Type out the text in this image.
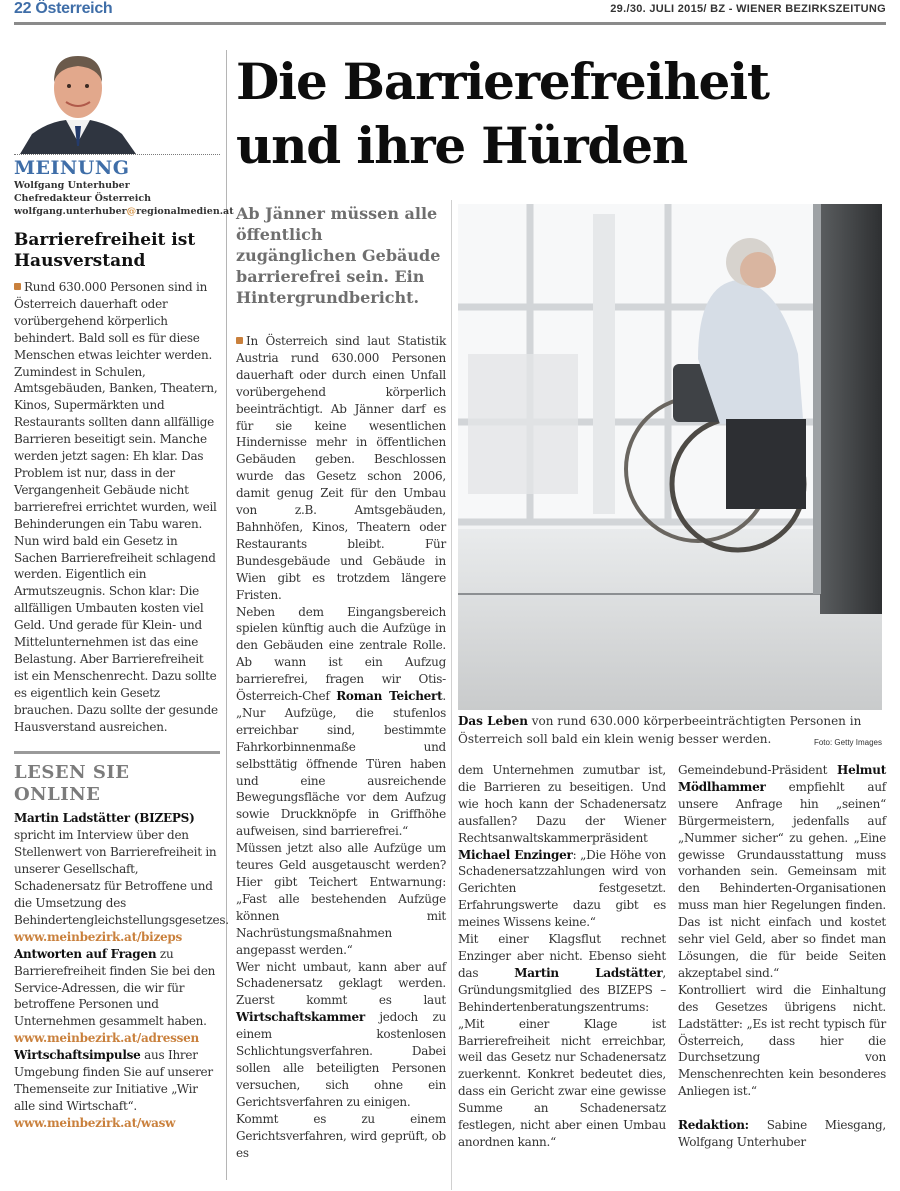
22 Österreich	29./30. JULI 2015/ BZ - WIENER BEZIRKSZEITUNG
MEINUNG
Wolfgang Unterhuber
Chefredakteur Österreich
wolfgang.unterhuber@regionalmedien.at
Barrierefreiheit ist Hausverstand
Rund 630.000 Personen sind in Österreich dauerhaft oder vorübergehend körperlich behindert. Bald soll es für diese Menschen etwas leichter werden. Zumindest in Schulen, Amtsgebäuden, Banken, Theatern, Kinos, Supermärkten und Restaurants sollten dann allfällige Barrieren beseitigt sein. Manche werden jetzt sagen: Eh klar. Das Problem ist nur, dass in der Vergangenheit Gebäude nicht barrierefrei errichtet wurden, weil Behinderungen ein Tabu waren. Nun wird bald ein Gesetz in Sachen Barrierefreiheit schlagend werden. Eigentlich ein Armutszeugnis. Schon klar: Die allfälligen Umbauten kosten viel Geld. Und gerade für Klein- und Mittelunternehmen ist das eine Belastung. Aber Barrierefreiheit ist ein Menschenrecht. Dazu sollte es eigentlich kein Gesetz brauchen. Dazu sollte der gesunde Hausverstand ausreichen.
LESEN SIE ONLINE
Martin Ladstätter (BIZEPS) spricht im Interview über den Stellenwert von Barrierefreiheit in unserer Gesellschaft, Schadenersatz für Betroffene und die Umsetzung des Behindertengleichstellungsgesetzes.
www.meinbezirk.at/bizeps
Antworten auf Fragen zu Barrierefreiheit finden Sie bei den Service-Adressen, die wir für betroffene Personen und Unternehmen gesammelt haben.
www.meinbezirk.at/adressen
Wirtschaftsimpulse aus Ihrer Umgebung finden Sie auf unserer Themenseite zur Initiative „Wir alle sind Wirtschaft“.
www.meinbezirk.at/wasw
Die Barrierefreiheit
und ihre Hürden
Ab Jänner müssen alle öffentlich zugänglichen Gebäude barrierefrei sein. Ein Hintergrundbericht.

In Österreich sind laut Statistik Austria rund 630.000 Personen dauerhaft oder durch einen Unfall vorübergehend körperlich beeinträchtigt. Ab Jänner darf es für sie keine wesentlichen Hindernisse mehr in öffentlichen Gebäuden geben. Beschlossen wurde das Gesetz schon 2006, damit genug Zeit für den Umbau von z.B. Amtsgebäuden, Bahnhöfen, Kinos, Theatern oder Restaurants bleibt. Für Bundesgebäude und Gebäude in Wien gibt es trotzdem längere Fristen.

Neben dem Eingangsbereich spielen künftig auch die Aufzüge in den Gebäuden eine zentrale Rolle. Ab wann ist ein Aufzug barrierefrei, fragen wir Otis-Österreich-Chef Roman Teichert. „Nur Aufzüge, die stufenlos erreichbar sind, bestimmte Fahrkorbinnenmaße und selbsttätig öffnende Türen haben und eine ausreichende Bewegungsfläche vor dem Aufzug sowie Druckknöpfe in Griffhöhe aufweisen, sind barrierefrei.“

Müssen jetzt also alle Aufzüge um teures Geld ausgetauscht werden? Hier gibt Teichert Entwarnung: „Fast alle bestehenden Aufzüge können mit Nachrüstungsmaßnahmen angepasst werden.“

Wer nicht umbaut, kann aber auf Schadenersatz geklagt werden. Zuerst kommt es laut Wirtschaftskammer jedoch zu einem kostenlosen Schlichtungsverfahren. Dabei sollen alle beteiligten Personen versuchen, sich ohne ein Gerichtsverfahren zu einigen.

Kommt es zu einem Gerichtsverfahren, wird geprüft, ob es

Das Leben von rund 630.000 körperbeeinträchtigten Personen in Österreich soll bald ein klein wenig besser werden.	Foto: Getty Images

dem Unternehmen zumutbar ist, die Barrieren zu beseitigen. Und wie hoch kann der Schadenersatz ausfallen? Dazu der Wiener Rechtsanwaltskammerpräsident Michael Enzinger: „Die Höhe von Schadenersatzzahlungen wird von Gerichten festgesetzt. Erfahrungswerte dazu gibt es meines Wissens keine.“

Mit einer Klagsflut rechnet Enzinger aber nicht. Ebenso sieht das Martin Ladstätter, Gründungsmitglied des BIZEPS – Behindertenberatungszentrums: „Mit einer Klage ist Barrierefreiheit nicht erreichbar, weil das Gesetz nur Schadenersatz zuerkennt. Konkret bedeutet dies, dass ein Gericht zwar eine gewisse Summe an Schadenersatz festlegen, nicht aber einen Umbau anordnen kann.“

Gemeindebund-Präsident Helmut Mödlhammer empfiehlt auf unsere Anfrage hin „seinen“ Bürgermeistern, jedenfalls auf „Nummer sicher“ zu gehen. „Eine gewisse Grundausstattung muss vorhanden sein. Gemeinsam mit den Behinderten-Organisationen muss man hier Regelungen finden. Das ist nicht einfach und kostet sehr viel Geld, aber so findet man Lösungen, die für beide Seiten akzeptabel sind.“

Kontrolliert wird die Einhaltung des Gesetzes übrigens nicht. Ladstätter: „Es ist recht typisch für Österreich, dass hier die Durchsetzung von Menschenrechten kein besonderes Anliegen ist.“

Redaktion: Sabine Miesgang, Wolfgang Unterhuber
